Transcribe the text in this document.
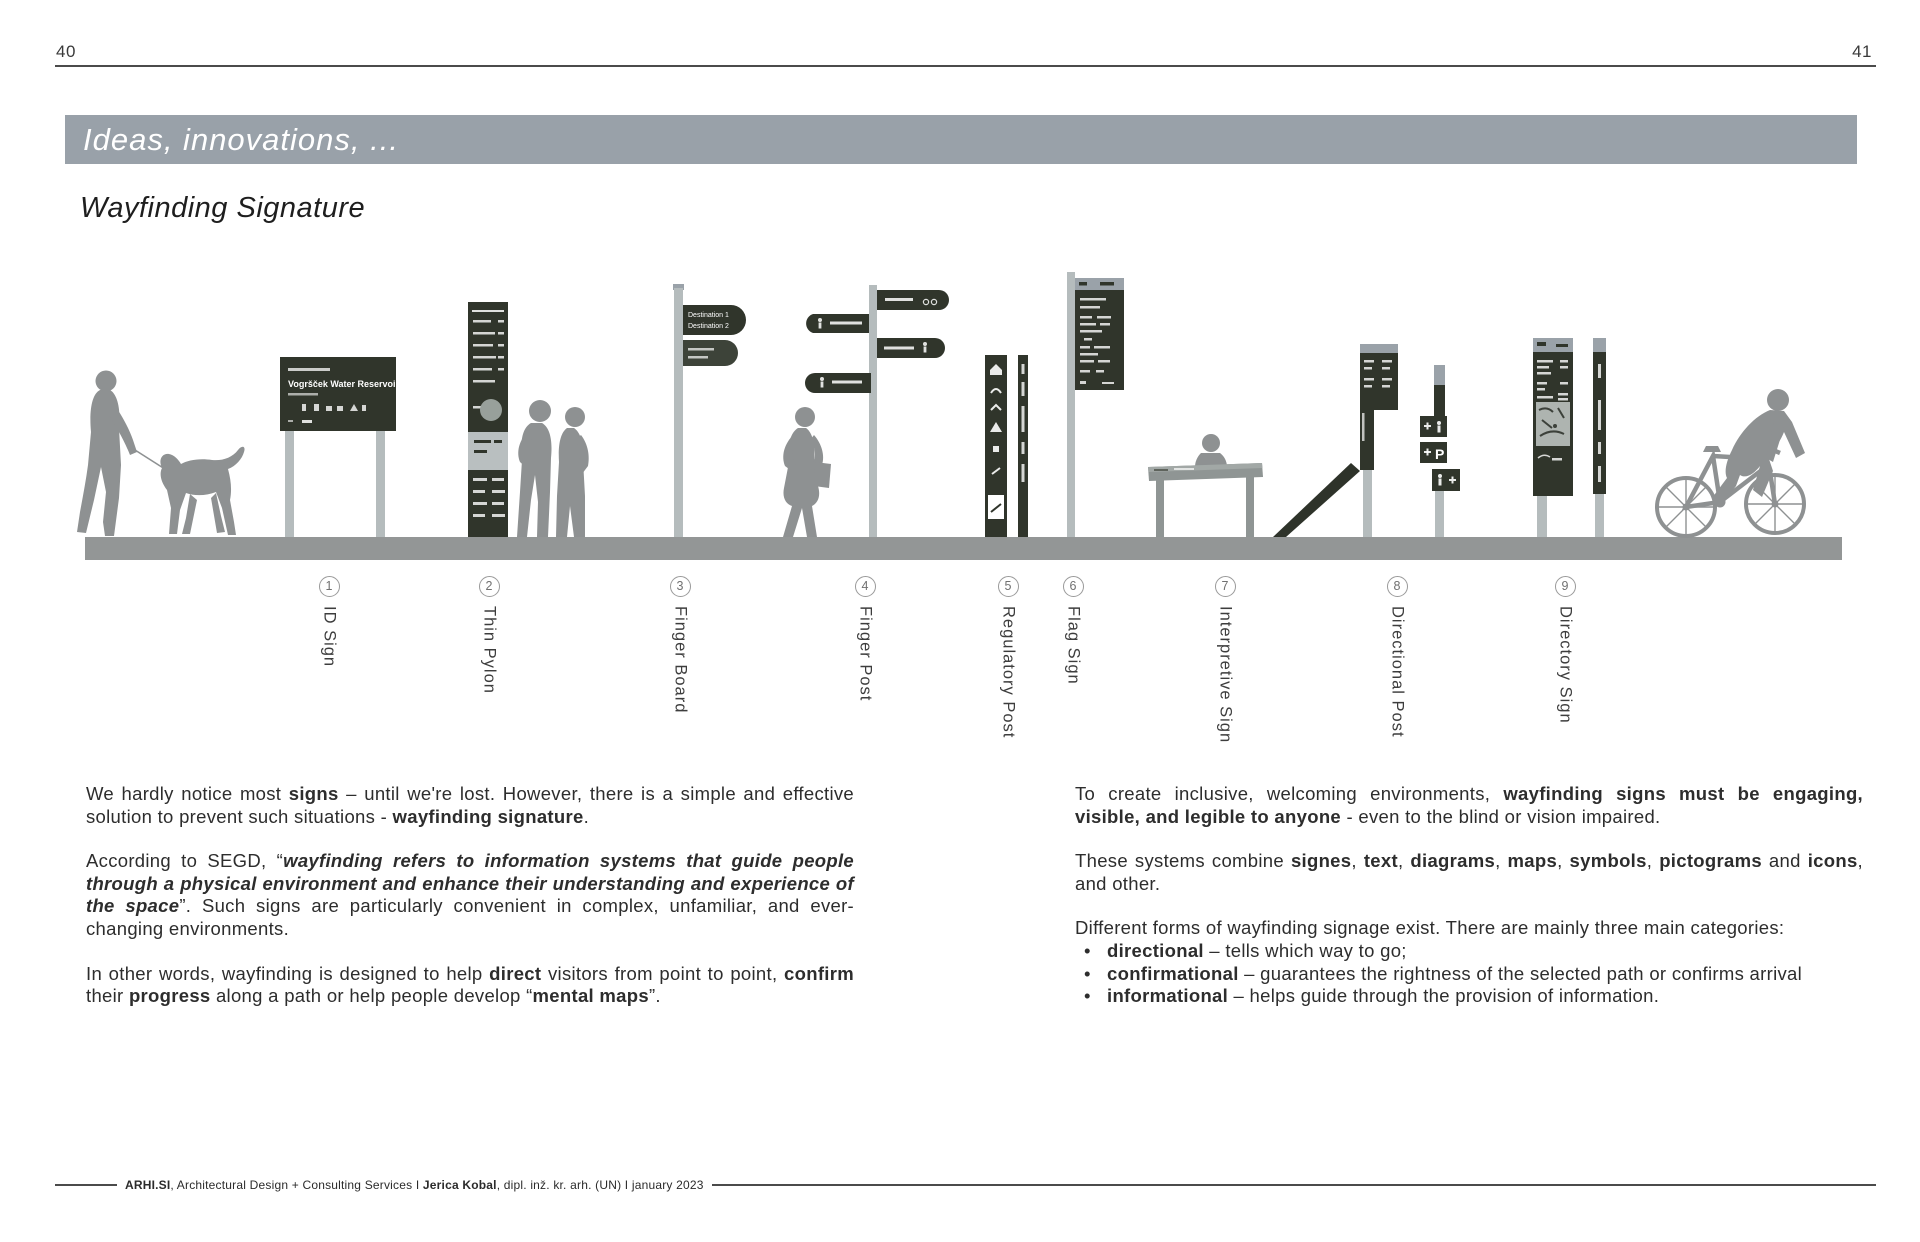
40	41
Ideas, innovations, ...
Wayfinding Signature
Vogršček Water Reservoir
Destination 1
Destination 2
P
1
ID Sign
2
Thin Pylon
3
Finger Board
4
Finger Post
5
Regulatory Post
6
Flag Sign
7
Interpretive Sign
8
Directional Post
9
Directory Sign

We hardly notice most signs – until we're lost. However, there is a simple and effective solution to prevent such situations - wayfinding signature.

According to SEGD, “wayfinding refers to information systems that guide people through a physical environment and enhance their understanding and experience of the space”. Such signs are particularly convenient in complex, unfamiliar, and ever-changing environments.

In other words, wayfinding is designed to help direct visitors from point to point, confirm their progress along a path or help people develop “mental maps”.

To create inclusive, welcoming environments, wayfinding signs must be engaging, visible, and legible to anyone - even to the blind or vision impaired.

These systems combine signes, text, diagrams, maps, symbols, pictograms and icons, and other.

Different forms of wayfinding signage exist. There are mainly three main categories:

• directional – tells which way to go;
• confirmational – guarantees the rightness of the selected path or confirms arrival
• informational – helps guide through the provision of information.
ARHI.SI, Architectural Design + Consulting Services I Jerica Kobal, dipl. inž. kr. arh. (UN) I january 2023
